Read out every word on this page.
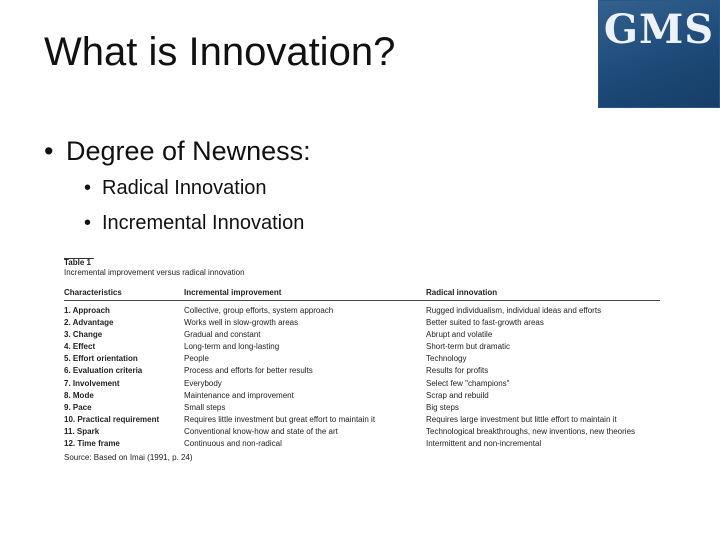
What is Innovation?	GMS
• Degree of Newness:
• Radical Innovation
• Incremental Innovation
Table 1
Incremental improvement versus radical innovation
Characteristics	Incremental improvement	Radical innovation
1. Approach	Collective, group efforts, system approach	Rugged individualism, individual ideas and efforts
2. Advantage	Works well in slow-growth areas	Better suited to fast-growth areas
3. Change	Gradual and constant	Abrupt and volatile
4. Effect	Long-term and long-lasting	Short-term but dramatic
5. Effort orientation	People	Technology
6. Evaluation criteria	Process and efforts for better results	Results for profits
7. Involvement	Everybody	Select few "champions"
8. Mode	Maintenance and improvement	Scrap and rebuild
9. Pace	Small steps	Big steps
10. Practical requirement	Requires little investment but great effort to maintain it	Requires large investment but little effort to maintain it
11. Spark	Conventional know-how and state of the art	Technological breakthroughs, new inventions, new theories
12. Time frame	Continuous and non-radical	Intermittent and non-incremental
Source: Based on Imai (1991, p. 24)
